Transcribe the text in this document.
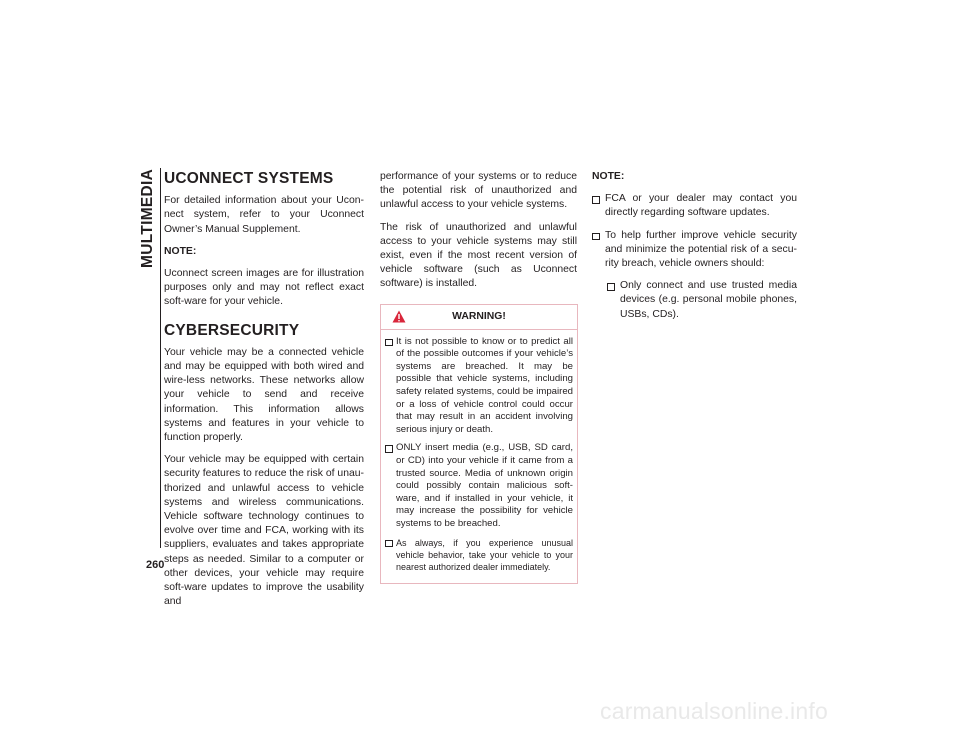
MULTIMEDIA
260
UCONNECT SYSTEMS

For detailed information about your Ucon-nect system, refer to your Uconnect Owner’s Manual Supplement.

NOTE:

Uconnect screen images are for illustration purposes only and may not reflect exact soft-ware for your vehicle.

CYBERSECURITY

Your vehicle may be a connected vehicle and may be equipped with both wired and wire-less networks. These networks allow your vehicle to send and receive information. This information allows systems and features in your vehicle to function properly.

Your vehicle may be equipped with certain security features to reduce the risk of unau-thorized and unlawful access to vehicle systems and wireless communications. Vehicle software technology continues to evolve over time and FCA, working with its suppliers, evaluates and takes appropriate steps as needed. Similar to a computer or other devices, your vehicle may require soft-ware updates to improve the usability and

performance of your systems or to reduce the potential risk of unauthorized and unlawful access to your vehicle systems.

The risk of unauthorized and unlawful access to your vehicle systems may still exist, even if the most recent version of vehicle software (such as Uconnect software) is installed.

WARNING!
It is not possible to know or to predict all of the possible outcomes if your vehicle’s systems are breached. It may be possible that vehicle systems, including safety related systems, could be impaired or a loss of vehicle control could occur that may result in an accident involving serious injury or death.
ONLY insert media (e.g., USB, SD card, or CD) into your vehicle if it came from a trusted source. Media of unknown origin could possibly contain malicious soft-ware, and if installed in your vehicle, it may increase the possibility for vehicle systems to be breached.
As always, if you experience unusual vehicle behavior, take your vehicle to your nearest authorized dealer immediately.

NOTE:

FCA or your dealer may contact you directly regarding software updates.
To help further improve vehicle security and minimize the potential risk of a secu-rity breach, vehicle owners should:
Only connect and use trusted media devices (e.g. personal mobile phones, USBs, CDs).
carmanualsonline.info
